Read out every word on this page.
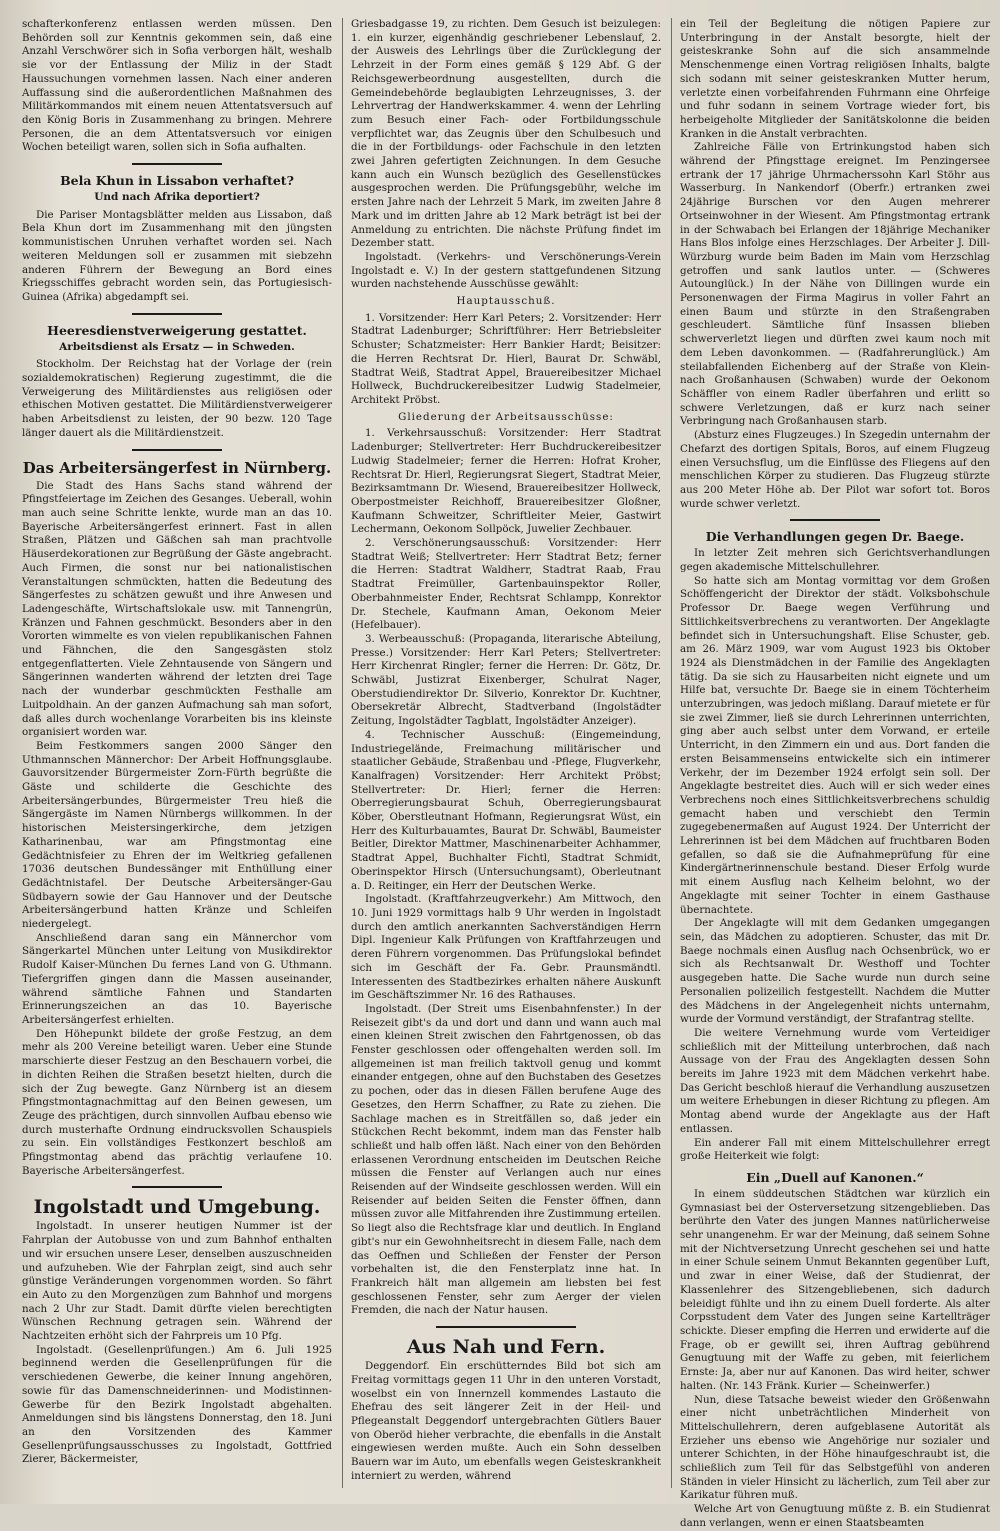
schafterkonferenz entlassen werden müssen. Den Behörden soll zur Kenntnis gekommen sein, daß eine Anzahl Verschwörer sich in Sofia verborgen hält, weshalb sie vor der Entlassung der Miliz in der Stadt Haussuchungen vornehmen lassen. Nach einer anderen Auffassung sind die außerordentlichen Maßnahmen des Militärkommandos mit einem neuen Attentatsversuch auf den König Boris in Zusammenhang zu bringen. Mehrere Personen, die an dem Attentatsversuch vor einigen Wochen beteiligt waren, sollen sich in Sofia aufhalten.

Bela Khun in Lissabon verhaftet?
Und nach Afrika deportiert?

Die Pariser Montagsblätter melden aus Lissabon, daß Bela Khun dort im Zusammenhang mit den jüngsten kommunistischen Unruhen verhaftet worden sei. Nach weiteren Meldungen soll er zusammen mit siebzehn anderen Führern der Bewegung an Bord eines Kriegsschiffes gebracht worden sein, das Portugiesisch-Guinea (Afrika) abgedampft sei.

Heeresdienstverweigerung gestattet.
Arbeitsdienst als Ersatz — in Schweden.

Stockholm. Der Reichstag hat der Vorlage der (rein sozialdemokratischen) Regierung zugestimmt, die die Verweigerung des Militärdienstes aus religiösen oder ethischen Motiven gestattet. Die Militärdienstverweigerer haben Arbeitsdienst zu leisten, der 90 bezw. 120 Tage länger dauert als die Militärdienstzeit.

Das Arbeitersängerfest in Nürnberg.

Die Stadt des Hans Sachs stand während der Pfingstfeiertage im Zeichen des Gesanges. Ueberall, wohin man auch seine Schritte lenkte, wurde man an das 10. Bayerische Arbeitersängerfest erinnert. Fast in allen Straßen, Plätzen und Gäßchen sah man prachtvolle Häuserdekorationen zur Begrüßung der Gäste angebracht. Auch Firmen, die sonst nur bei nationalistischen Veranstaltungen schmückten, hatten die Bedeutung des Sängerfestes zu schätzen gewußt und ihre Anwesen und Ladengeschäfte, Wirtschaftslokale usw. mit Tannengrün, Kränzen und Fahnen geschmückt. Besonders aber in den Vororten wimmelte es von vielen republikanischen Fahnen und Fähnchen, die den Sangesgästen stolz entgegenflatterten. Viele Zehntausende von Sängern und Sängerinnen wanderten während der letzten drei Tage nach der wunderbar geschmückten Festhalle am Luitpoldhain. An der ganzen Aufmachung sah man sofort, daß alles durch wochenlange Vorarbeiten bis ins kleinste organisiert worden war.

Beim Festkommers sangen 2000 Sänger den Uthmannschen Männerchor: Der Arbeit Hoffnungsglaube. Gauvorsitzender Bürgermeister Zorn-Fürth begrüßte die Gäste und schilderte die Geschichte des Arbeitersängerbundes, Bürgermeister Treu hieß die Sängergäste im Namen Nürnbergs willkommen. In der historischen Meistersingerkirche, dem jetzigen Katharinenbau, war am Pfingstmontag eine Gedächtnisfeier zu Ehren der im Weltkrieg gefallenen 17036 deutschen Bundessänger mit Enthüllung einer Gedächtnistafel. Der Deutsche Arbeitersänger-Gau Südbayern sowie der Gau Hannover und der Deutsche Arbeitersängerbund hatten Kränze und Schleifen niedergelegt.

Anschließend daran sang ein Männerchor vom Sängerkartel München unter Leitung von Musikdirektor Rudolf Kaiser-München Du fernes Land von G. Uthmann. Tiefergriffen gingen dann die Massen auseinander, während sämtliche Fahnen und Standarten Erinnerungszeichen an das 10. Bayerische Arbeitersängerfest erhielten.

Den Höhepunkt bildete der große Festzug, an dem mehr als 200 Vereine beteiligt waren. Ueber eine Stunde marschierte dieser Festzug an den Beschauern vorbei, die in dichten Reihen die Straßen besetzt hielten, durch die sich der Zug bewegte. Ganz Nürnberg ist an diesem Pfingstmontagnachmittag auf den Beinen gewesen, um Zeuge des prächtigen, durch sinnvollen Aufbau ebenso wie durch musterhafte Ordnung eindrucksvollen Schauspiels zu sein. Ein vollständiges Festkonzert beschloß am Pfingstmontag abend das prächtig verlaufene 10. Bayerische Arbeitersängerfest.

Ingolstadt und Umgebung.

Ingolstadt. In unserer heutigen Nummer ist der Fahrplan der Autobusse von und zum Bahnhof enthalten und wir ersuchen unsere Leser, denselben auszuschneiden und aufzuheben. Wie der Fahrplan zeigt, sind auch sehr günstige Veränderungen vorgenommen worden. So fährt ein Auto zu den Morgenzügen zum Bahnhof und morgens nach 2 Uhr zur Stadt. Damit dürfte vielen berechtigten Wünschen Rechnung getragen sein. Während der Nachtzeiten erhöht sich der Fahrpreis um 10 Pfg.

Ingolstadt. (Gesellenprüfungen.) Am 6. Juli 1925 beginnend werden die Gesellenprüfungen für die verschiedenen Gewerbe, die keiner Innung angehören, sowie für das Damenschneiderinnen- und Modistinnen-Gewerbe für den Bezirk Ingolstadt abgehalten. Anmeldungen sind bis längstens Donnerstag, den 18. Juni an den Vorsitzenden des Kammer Gesellenprüfungsausschusses zu Ingolstadt, Gottfried Zierer, Bäckermeister,

Griesbadgasse 19, zu richten. Dem Gesuch ist beizulegen: 1. ein kurzer, eigenhändig geschriebener Lebenslauf, 2. der Ausweis des Lehrlings über die Zurücklegung der Lehrzeit in der Form eines gemäß § 129 Abf. G der Reichsgewerbeordnung ausgestellten, durch die Gemeindebehörde beglaubigten Lehrzeugnisses, 3. der Lehrvertrag der Handwerkskammer. 4. wenn der Lehrling zum Besuch einer Fach- oder Fortbildungsschule verpflichtet war, das Zeugnis über den Schulbesuch und die in der Fortbildungs- oder Fachschule in den letzten zwei Jahren gefertigten Zeichnungen. In dem Gesuche kann auch ein Wunsch bezüglich des Gesellenstückes ausgesprochen werden. Die Prüfungsgebühr, welche im ersten Jahre nach der Lehrzeit 5 Mark, im zweiten Jahre 8 Mark und im dritten Jahre ab 12 Mark beträgt ist bei der Anmeldung zu entrichten. Die nächste Prüfung findet im Dezember statt.

Ingolstadt. (Verkehrs- und Verschönerungs-Verein Ingolstadt e. V.) In der gestern stattgefundenen Sitzung wurden nachstehende Ausschüsse gewählt:

Hauptausschuß.

1. Vorsitzender: Herr Karl Peters; 2. Vorsitzender: Herr Stadtrat Ladenburger; Schriftführer: Herr Betriebsleiter Schuster; Schatzmeister: Herr Bankier Hardt; Beisitzer: die Herren Rechtsrat Dr. Hierl, Baurat Dr. Schwäbl, Stadtrat Weiß, Stadtrat Appel, Brauereibesitzer Michael Hollweck, Buchdruckereibesitzer Ludwig Stadelmeier, Architekt Pröbst.

Gliederung der Arbeitsausschüsse:

1. Verkehrsausschuß: Vorsitzender: Herr Stadtrat Ladenburger; Stellvertreter: Herr Buchdruckereibesitzer Ludwig Stadelmeier; ferner die Herren: Hofrat Kroher, Rechtsrat Dr. Hierl, Regierungsrat Siegert, Stadtrat Meier, Bezirksamtmann Dr. Wiesend, Brauereibesitzer Hollweck, Oberpostmeister Reichhoff, Brauereibesitzer Gloßner, Kaufmann Schweitzer, Schriftleiter Meier, Gastwirt Lechermann, Oekonom Sollpöck, Juwelier Zechbauer.

2. Verschönerungsausschuß: Vorsitzender: Herr Stadtrat Weiß; Stellvertreter: Herr Stadtrat Betz; ferner die Herren: Stadtrat Waldherr, Stadtrat Raab, Frau Stadtrat Freimüller, Gartenbauinspektor Roller, Oberbahnmeister Ender, Rechtsrat Schlampp, Konrektor Dr. Stechele, Kaufmann Aman, Oekonom Meier (Hefelbauer).

3. Werbeausschuß: (Propaganda, literarische Abteilung, Presse.) Vorsitzender: Herr Karl Peters; Stellvertreter: Herr Kirchenrat Ringler; ferner die Herren: Dr. Götz, Dr. Schwäbl, Justizrat Eixenberger, Schulrat Nager, Oberstudiendirektor Dr. Silverio, Konrektor Dr. Kuchtner, Obersekretär Albrecht, Stadtverband (Ingolstädter Zeitung, Ingolstädter Tagblatt, Ingolstädter Anzeiger).

4. Technischer Ausschuß: (Eingemeindung, Industriegelände, Freimachung militärischer und staatlicher Gebäude, Straßenbau und -Pflege, Flugverkehr, Kanalfragen) Vorsitzender: Herr Architekt Pröbst; Stellvertreter: Dr. Hierl; ferner die Herren: Oberregierungsbaurat Schuh, Oberregierungsbaurat Köber, Oberstleutnant Hofmann, Regierungsrat Wüst, ein Herr des Kulturbauamtes, Baurat Dr. Schwäbl, Baumeister Beitler, Direktor Mattmer, Maschinenarbeiter Achhammer, Stadtrat Appel, Buchhalter Fichtl, Stadtrat Schmidt, Oberinspektor Hirsch (Untersuchungsamt), Oberleutnant a. D. Reitinger, ein Herr der Deutschen Werke.

Ingolstadt. (Kraftfahrzeugverkehr.) Am Mittwoch, den 10. Juni 1929 vormittags halb 9 Uhr werden in Ingolstadt durch den amtlich anerkannten Sachverständigen Herrn Dipl. Ingenieur Kalk Prüfungen von Kraftfahrzeugen und deren Führern vorgenommen. Das Prüfungslokal befindet sich im Geschäft der Fa. Gebr. Praunsmändtl. Interessenten des Stadtbezirkes erhalten nähere Auskunft im Geschäftszimmer Nr. 16 des Rathauses.

Ingolstadt. (Der Streit ums Eisenbahnfenster.) In der Reisezeit gibt's da und dort und dann und wann auch mal einen kleinen Streit zwischen den Fahrtgenossen, ob das Fenster geschlossen oder offengehalten werden soll. Im allgemeinen ist man freilich taktvoll genug und kommt einander entgegen, ohne auf den Buchstaben des Gesetzes zu pochen, oder das in diesen Fällen berufene Auge des Gesetzes, den Herrn Schaffner, zu Rate zu ziehen. Die Sachlage machen es in Streitfällen so, daß jeder ein Stückchen Recht bekommt, indem man das Fenster halb schließt und halb offen läßt. Nach einer von den Behörden erlassenen Verordnung entscheiden im Deutschen Reiche müssen die Fenster auf Verlangen auch nur eines Reisenden auf der Windseite geschlossen werden. Will ein Reisender auf beiden Seiten die Fenster öffnen, dann müssen zuvor alle Mitfahrenden ihre Zustimmung erteilen. So liegt also die Rechtsfrage klar und deutlich. In England gibt's nur ein Gewohnheitsrecht in diesem Falle, nach dem das Oeffnen und Schließen der Fenster der Person vorbehalten ist, die den Fensterplatz inne hat. In Frankreich hält man allgemein am liebsten bei fest geschlossenen Fenster, sehr zum Aerger der vielen Fremden, die nach der Natur hausen.

Aus Nah und Fern.

Deggendorf. Ein erschütterndes Bild bot sich am Freitag vormittags gegen 11 Uhr in den unteren Vorstadt, woselbst ein von Innernzell kommendes Lastauto die Ehefrau des seit längerer Zeit in der Heil- und Pflegeanstalt Deggendorf untergebrachten Gütlers Bauer von Oberöd hieher verbrachte, die ebenfalls in die Anstalt eingewiesen werden mußte. Auch ein Sohn desselben Bauern war im Auto, um ebenfalls wegen Geisteskrankheit interniert zu werden, während

ein Teil der Begleitung die nötigen Papiere zur Unterbringung in der Anstalt besorgte, hielt der geisteskranke Sohn auf die sich ansammelnde Menschenmenge einen Vortrag religiösen Inhalts, balgte sich sodann mit seiner geisteskranken Mutter herum, verletzte einen vorbeifahrenden Fuhrmann eine Ohrfeige und fuhr sodann in seinem Vortrage wieder fort, bis herbeigeholte Mitglieder der Sanitätskolonne die beiden Kranken in die Anstalt verbrachten.

Zahlreiche Fälle von Ertrinkungstod haben sich während der Pfingsttage ereignet. Im Penzingersee ertrank der 17 jährige Uhrmacherssohn Karl Stöhr aus Wasserburg. In Nankendorf (Oberfr.) ertranken zwei 24jährige Burschen vor den Augen mehrerer Ortseinwohner in der Wiesent. Am Pfingstmontag ertrank in der Schwabach bei Erlangen der 18jährige Mechaniker Hans Blos infolge eines Herzschlages. Der Arbeiter J. Dill-Würzburg wurde beim Baden im Main vom Herzschlag getroffen und sank lautlos unter. — (Schweres Autounglück.) In der Nähe von Dillingen wurde ein Personenwagen der Firma Magirus in voller Fahrt an einen Baum und stürzte in den Straßengraben geschleudert. Sämtliche fünf Insassen blieben schwerverletzt liegen und dürften zwei kaum noch mit dem Leben davonkommen. — (Radfahrerunglück.) Am steilabfallenden Eichenberg auf der Straße von Klein- nach Großanhausen (Schwaben) wurde der Oekonom Schäffler von einem Radler überfahren und erlitt so schwere Verletzungen, daß er kurz nach seiner Verbringung nach Großanhausen starb.

(Absturz eines Flugzeuges.) In Szegedin unternahm der Chefarzt des dortigen Spitals, Boros, auf einem Flugzeug einen Versuchsflug, um die Einflüsse des Fliegens auf den menschlichen Körper zu studieren. Das Flugzeug stürzte aus 200 Meter Höhe ab. Der Pilot war sofort tot. Boros wurde schwer verletzt.

Die Verhandlungen gegen Dr. Baege.

In letzter Zeit mehren sich Gerichtsverhandlungen gegen akademische Mittelschullehrer.

So hatte sich am Montag vormittag vor dem Großen Schöffengericht der Direktor der städt. Volksbohschule Professor Dr. Baege wegen Verführung und Sittlichkeitsverbrechens zu verantworten. Der Angeklagte befindet sich in Untersuchungshaft. Elise Schuster, geb. am 26. März 1909, war vom August 1923 bis Oktober 1924 als Dienstmädchen in der Familie des Angeklagten tätig. Da sie sich zu Hausarbeiten nicht eignete und um Hilfe bat, versuchte Dr. Baege sie in einem Töchterheim unterzubringen, was jedoch mißlang. Darauf mietete er für sie zwei Zimmer, ließ sie durch Lehrerinnen unterrichten, ging aber auch selbst unter dem Vorwand, er erteile Unterricht, in den Zimmern ein und aus. Dort fanden die ersten Beisammenseins entwickelte sich ein intimerer Verkehr, der im Dezember 1924 erfolgt sein soll. Der Angeklagte bestreitet dies. Auch will er sich weder eines Verbrechens noch eines Sittlichkeitsverbrechens schuldig gemacht haben und verschiebt den Termin zugegebenermaßen auf August 1924. Der Unterricht der Lehrerinnen ist bei dem Mädchen auf fruchtbaren Boden gefallen, so daß sie die Aufnahmeprüfung für eine Kindergärtnerinnenschule bestand. Dieser Erfolg wurde mit einem Ausflug nach Kelheim belohnt, wo der Angeklagte mit seiner Tochter in einem Gasthause übernachtete.

Der Angeklagte will mit dem Gedanken umgegangen sein, das Mädchen zu adoptieren. Schuster, das mit Dr. Baege nochmals einen Ausflug nach Ochsenbrück, wo er sich als Rechtsanwalt Dr. Westhoff und Tochter ausgegeben hatte. Die Sache wurde nun durch seine Personalien polizeilich festgestellt. Nachdem die Mutter des Mädchens in der Angelegenheit nichts unternahm, wurde der Vormund verständigt, der Strafantrag stellte.

Die weitere Vernehmung wurde vom Verteidiger schließlich mit der Mitteilung unterbrochen, daß nach Aussage von der Frau des Angeklagten dessen Sohn bereits im Jahre 1923 mit dem Mädchen verkehrt habe. Das Gericht beschloß hierauf die Verhandlung auszusetzen um weitere Erhebungen in dieser Richtung zu pflegen. Am Montag abend wurde der Angeklagte aus der Haft entlassen.

Ein anderer Fall mit einem Mittelschullehrer erregt große Heiterkeit wie folgt:

Ein „Duell auf Kanonen.“

In einem süddeutschen Städtchen war kürzlich ein Gymnasiast bei der Osterversetzung sitzengeblieben. Das berührte den Vater des jungen Mannes natürlicherweise sehr unangenehm. Er war der Meinung, daß seinem Sohne mit der Nichtversetzung Unrecht geschehen sei und hatte in einer Schule seinem Unmut Bekannten gegenüber Luft, und zwar in einer Weise, daß der Studienrat, der Klassenlehrer des Sitzengebliebenen, sich dadurch beleidigt fühlte und ihn zu einem Duell forderte. Als alter Corpsstudent dem Vater des Jungen seine Kartellträger schickte. Dieser empfing die Herren und erwiderte auf die Frage, ob er gewillt sei, ihren Auftrag gebührend Genugtuung mit der Waffe zu geben, mit feierlichem Ernste: Ja, aber nur auf Kanonen. Das wird heiter, schwer halten. (Nr. 143 Fränk. Kurier — Scheinwerfer.)

Nun, diese Tatsache beweist wieder den Größenwahn einer nicht unbeträchtlichen Minderheit von Mittelschullehrern, deren aufgeblasene Autorität als Erzieher uns ebenso wie Angehörige nur sozialer und unterer Schichten, in der Höhe hinaufgeschraubt ist, die schließlich zum Teil für das Selbstgefühl von anderen Ständen in vieler Hinsicht zu lächerlich, zum Teil aber zur Karikatur führen muß.

Welche Art von Genugtuung müßte z. B. ein Studienrat dann verlangen, wenn er einen Staatsbeamten
